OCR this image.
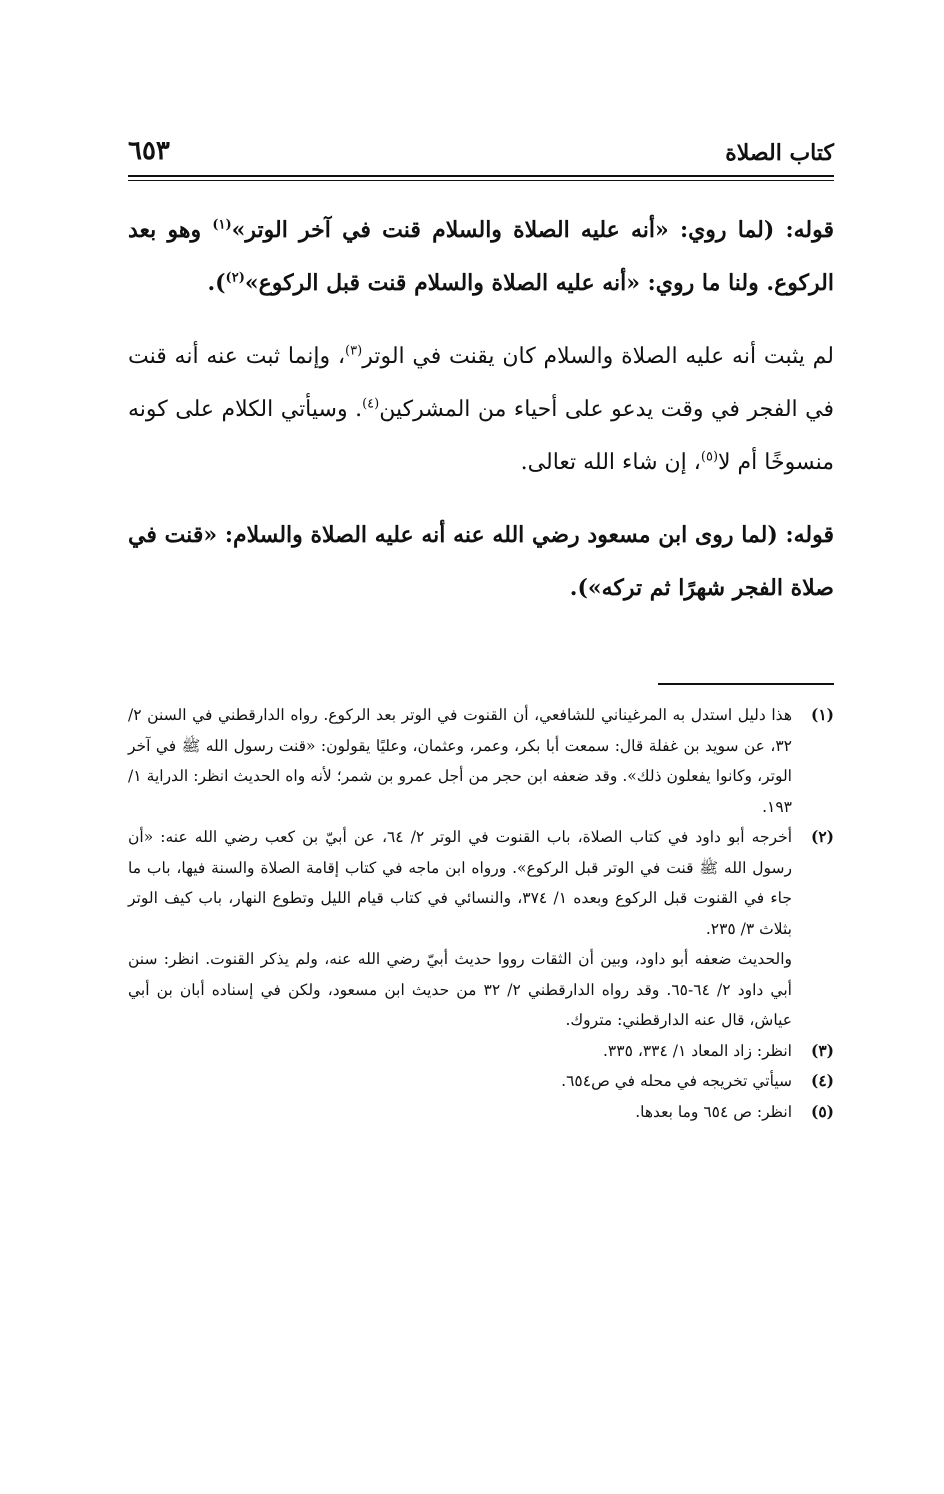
كتاب الصلاة
٦٥٣

قوله: (لما روي: «أنه عليه الصلاة والسلام قنت في آخر الوتر»$^{(١)}$ وهو بعد الركوع. ولنا ما روي: «أنه عليه الصلاة والسلام قنت قبل الركوع»$^{(٢)}$).

لم يثبت أنه عليه الصلاة والسلام كان يقنت في الوتر$^{(٣)}$، وإنما ثبت عنه أنه قنت في الفجر في وقت يدعو على أحياء من المشركين$^{(٤)}$. وسيأتي الكلام على كونه منسوخًا أم لا$^{(٥)}$، إن شاء الله تعالى.

قوله: (لما روى ابن مسعود رضي الله عنه أنه عليه الصلاة والسلام: «قنت في صلاة الفجر شهرًا ثم تركه»).

(١)
هذا دليل استدل به المرغيناني للشافعي، أن القنوت في الوتر بعد الركوع. رواه الدارقطني في السنن ٢/ ٣٢، عن سويد بن غفلة قال: سمعت أبا بكر، وعمر، وعثمان، وعليًا يقولون: «قنت رسول الله ﷺ في آخر الوتر، وكانوا يفعلون ذلك». وقد ضعفه ابن حجر من أجل عمرو بن شمر؛ لأنه واه الحديث انظر: الدراية ١/ ١٩٣.
(٢)
أخرجه أبو داود في كتاب الصلاة، باب القنوت في الوتر ٢/ ٦٤، عن أبيّ بن كعب رضي الله عنه: «أن رسول الله ﷺ قنت في الوتر قبل الركوع». ورواه ابن ماجه في كتاب إقامة الصلاة والسنة فيها، باب ما جاء في القنوت قبل الركوع وبعده ١/ ٣٧٤، والنسائي في كتاب قيام الليل وتطوع النهار، باب كيف الوتر بثلاث ٣/ ٢٣٥.
والحديث ضعفه أبو داود، وبين أن الثقات رووا حديث أبيّ رضي الله عنه، ولم يذكر القنوت. انظر: سنن أبي داود ٢/ ٦٤-٦٥. وقد رواه الدارقطني ٢/ ٣٢ من حديث ابن مسعود، ولكن في إسناده أبان بن أبي عياش، قال عنه الدارقطني: متروك.
(٣)
انظر: زاد المعاد ١/ ٣٣٤، ٣٣٥.
(٤)
سيأتي تخريجه في محله في ص٦٥٤.
(٥)
انظر: ص ٦٥٤ وما بعدها.
